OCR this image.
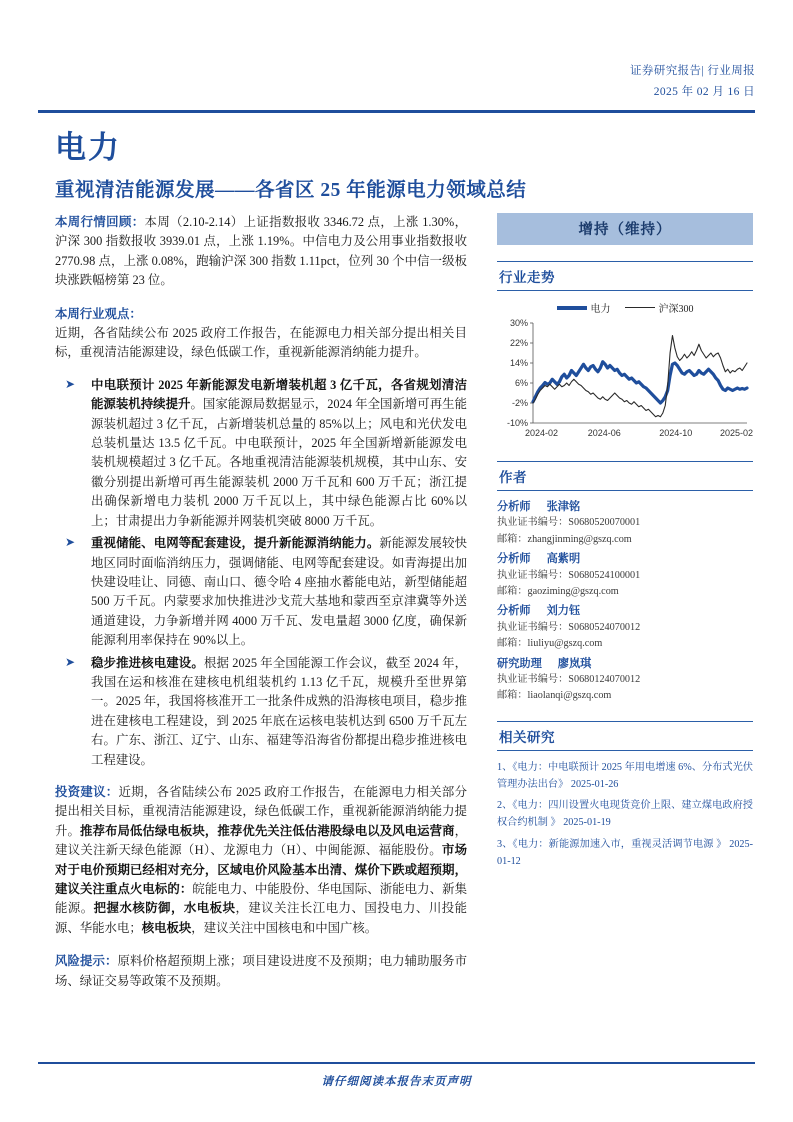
证券研究报告| 行业周报
2025 年 02 月 16 日
电力
重视清洁能源发展——各省区 25 年能源电力领域总结

本周行情回顾：本周（2.10-2.14）上证指数报收 3346.72 点，上涨 1.30%，沪深 300 指数报收 3939.01 点，上涨 1.19%。中信电力及公用事业指数报收 2770.98 点，上涨 0.08%，跑输沪深 300 指数 1.11pct，位列 30 个中信一级板块涨跌幅榜第 23 位。

本周行业观点：
近期，各省陆续公布 2025 政府工作报告，在能源电力相关部分提出相关目标，重视清洁能源建设，绿色低碳工作，重视新能源消纳能力提升。

➤ 中电联预计 2025 年新能源发电新增装机超 3 亿千瓦，各省规划清洁能源装机持续提升。国家能源局数据显示，2024 年全国新增可再生能源装机超过 3 亿千瓦，占新增装机总量的 85%以上；风电和光伏发电总装机量达 13.5 亿千瓦。中电联预计，2025 年全国新增新能源发电装机规模超过 3 亿千瓦。各地重视清洁能源装机规模，其中山东、安徽分别提出新增可再生能源装机 2000 万千瓦和 600 万千瓦；浙江提出确保新增电力装机 2000 万千瓦以上，其中绿色能源占比 60%以上；甘肃提出力争新能源并网装机突破 8000 万千瓦。
➤ 重视储能、电网等配套建设，提升新能源消纳能力。新能源发展较快地区同时面临消纳压力，强调储能、电网等配套建设。如青海提出加快建设哇让、同德、南山口、德令哈 4 座抽水蓄能电站，新型储能超 500 万千瓦。内蒙要求加快推进沙戈荒大基地和蒙西至京津冀等外送通道建设，力争新增并网 4000 万千瓦、发电量超 3000 亿度，确保新能源利用率保持在 90%以上。
➤ 稳步推进核电建设。根据 2025 年全国能源工作会议，截至 2024 年，我国在运和核准在建核电机组装机约 1.13 亿千瓦，规模升至世界第一。2025 年，我国将核准开工一批条件成熟的沿海核电项目，稳步推进在建核电工程建设，到 2025 年底在运核电装机达到 6500 万千瓦左右。广东、浙江、辽宁、山东、福建等沿海省份都提出稳步推进核电工程建设。

投资建议：近期，各省陆续公布 2025 政府工作报告，在能源电力相关部分提出相关目标，重视清洁能源建设，绿色低碳工作，重视新能源消纳能力提升。推荐布局低估绿电板块，推荐优先关注低估港股绿电以及风电运营商，建议关注新天绿色能源（H）、龙源电力（H）、中闽能源、福能股份。市场对于电价预期已经相对充分，区域电价风险基本出清、煤价下跌或超预期，建议关注重点火电标的：皖能电力、中能股份、华电国际、浙能电力、新集能源。把握水核防御，水电板块，建议关注长江电力、国投电力、川投能源、华能水电；核电板块，建议关注中国核电和中国广核。

风险提示：原料价格超预期上涨；项目建设进度不及预期；电力辅助服务市场、绿证交易等政策不及预期。

增持（维持）
行业走势
电力	沪深300
-10%
-2%
6%
14%
22%
30%
2024-02	2024-06	2024-10	2025-02
作者
分析师 张津铭
执业证书编号：S0680520070001
邮箱：zhangjinming@gszq.com
分析师 高紫明
执业证书编号：S0680524100001
邮箱：gaoziming@gszq.com
分析师 刘力钰
执业证书编号：S0680524070012
邮箱：liuliyu@gszq.com
研究助理 廖岚琪
执业证书编号：S0680124070012
邮箱：liaolanqi@gszq.com
相关研究
1、《电力：中电联预计 2025 年用电增速 6%、分布式光伏管理办法出台》 2025-01-26
2、《电力：四川设置火电现货竞价上限、建立煤电政府授权合约机制 》 2025-01-19
3、《电力：新能源加速入市，重视灵活调节电源 》 2025-01-12
请仔细阅读本报告末页声明
